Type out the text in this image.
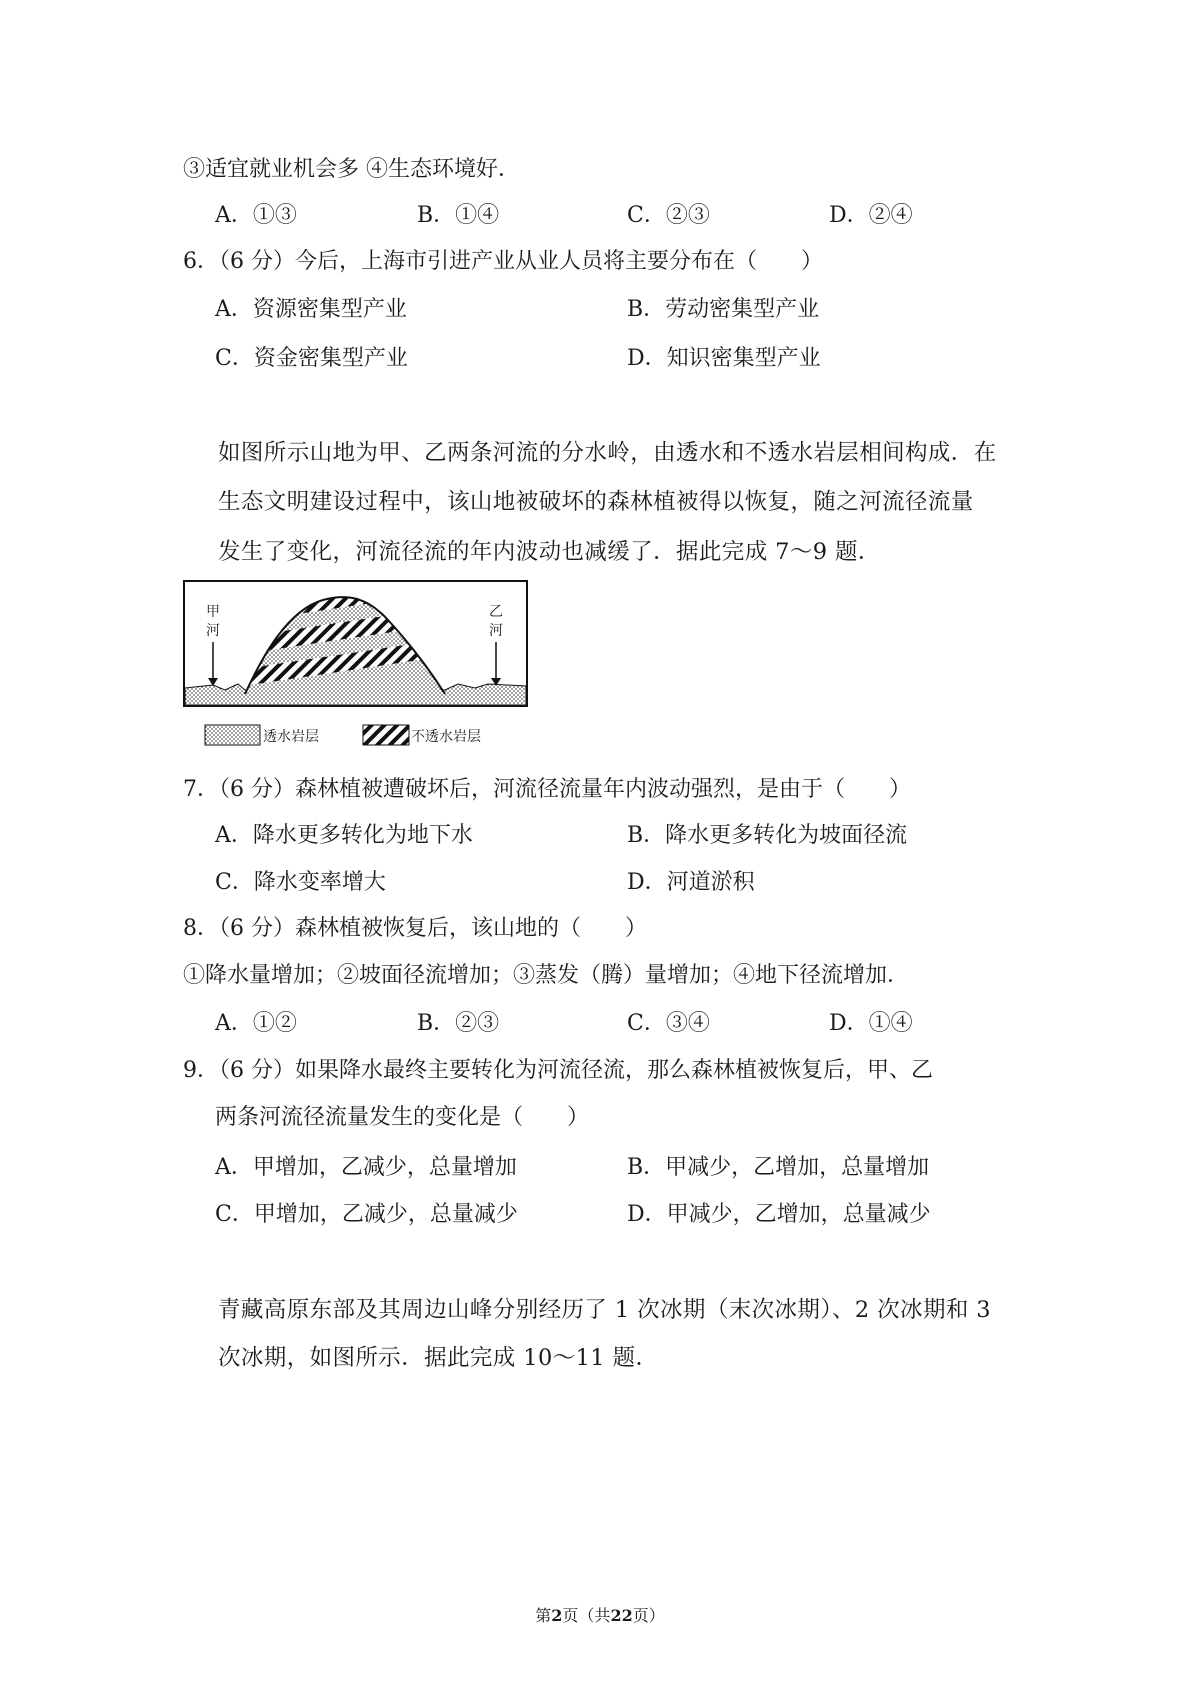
③适宜就业机会多 ④生态环境好．
A．①③	B．①④	C．②③	D．②④
6．（6 分）今后，上海市引进产业从业人员将主要分布在（　　）
A．资源密集型产业	B．劳动密集型产业
C．资金密集型产业	D．知识密集型产业
如图所示山地为甲、乙两条河流的分水岭，由透水和不透水岩层相间构成．在
生态文明建设过程中，该山地被破坏的森林植被得以恢复，随之河流径流量
发生了变化，河流径流的年内波动也减缓了．据此完成 7～9 题．
甲
河
乙
河
透水岩层	不透水岩层
7．（6 分）森林植被遭破坏后，河流径流量年内波动强烈，是由于（　　）
A．降水更多转化为地下水	B．降水更多转化为坡面径流
C．降水变率增大	D．河道淤积
8．（6 分）森林植被恢复后，该山地的（　　）
①降水量增加；②坡面径流增加；③蒸发（腾）量增加；④地下径流增加．
A．①②	B．②③	C．③④	D．①④
9．（6 分）如果降水最终主要转化为河流径流，那么森林植被恢复后，甲、乙
两条河流径流量发生的变化是（　　）
A．甲增加，乙减少，总量增加	B．甲减少，乙增加，总量增加
C．甲增加，乙减少，总量减少	D．甲减少，乙增加，总量减少
青藏高原东部及其周边山峰分别经历了 1 次冰期（末次冰期）、2 次冰期和 3
次冰期，如图所示．据此完成 10～11 题．
第2页（共22页）
